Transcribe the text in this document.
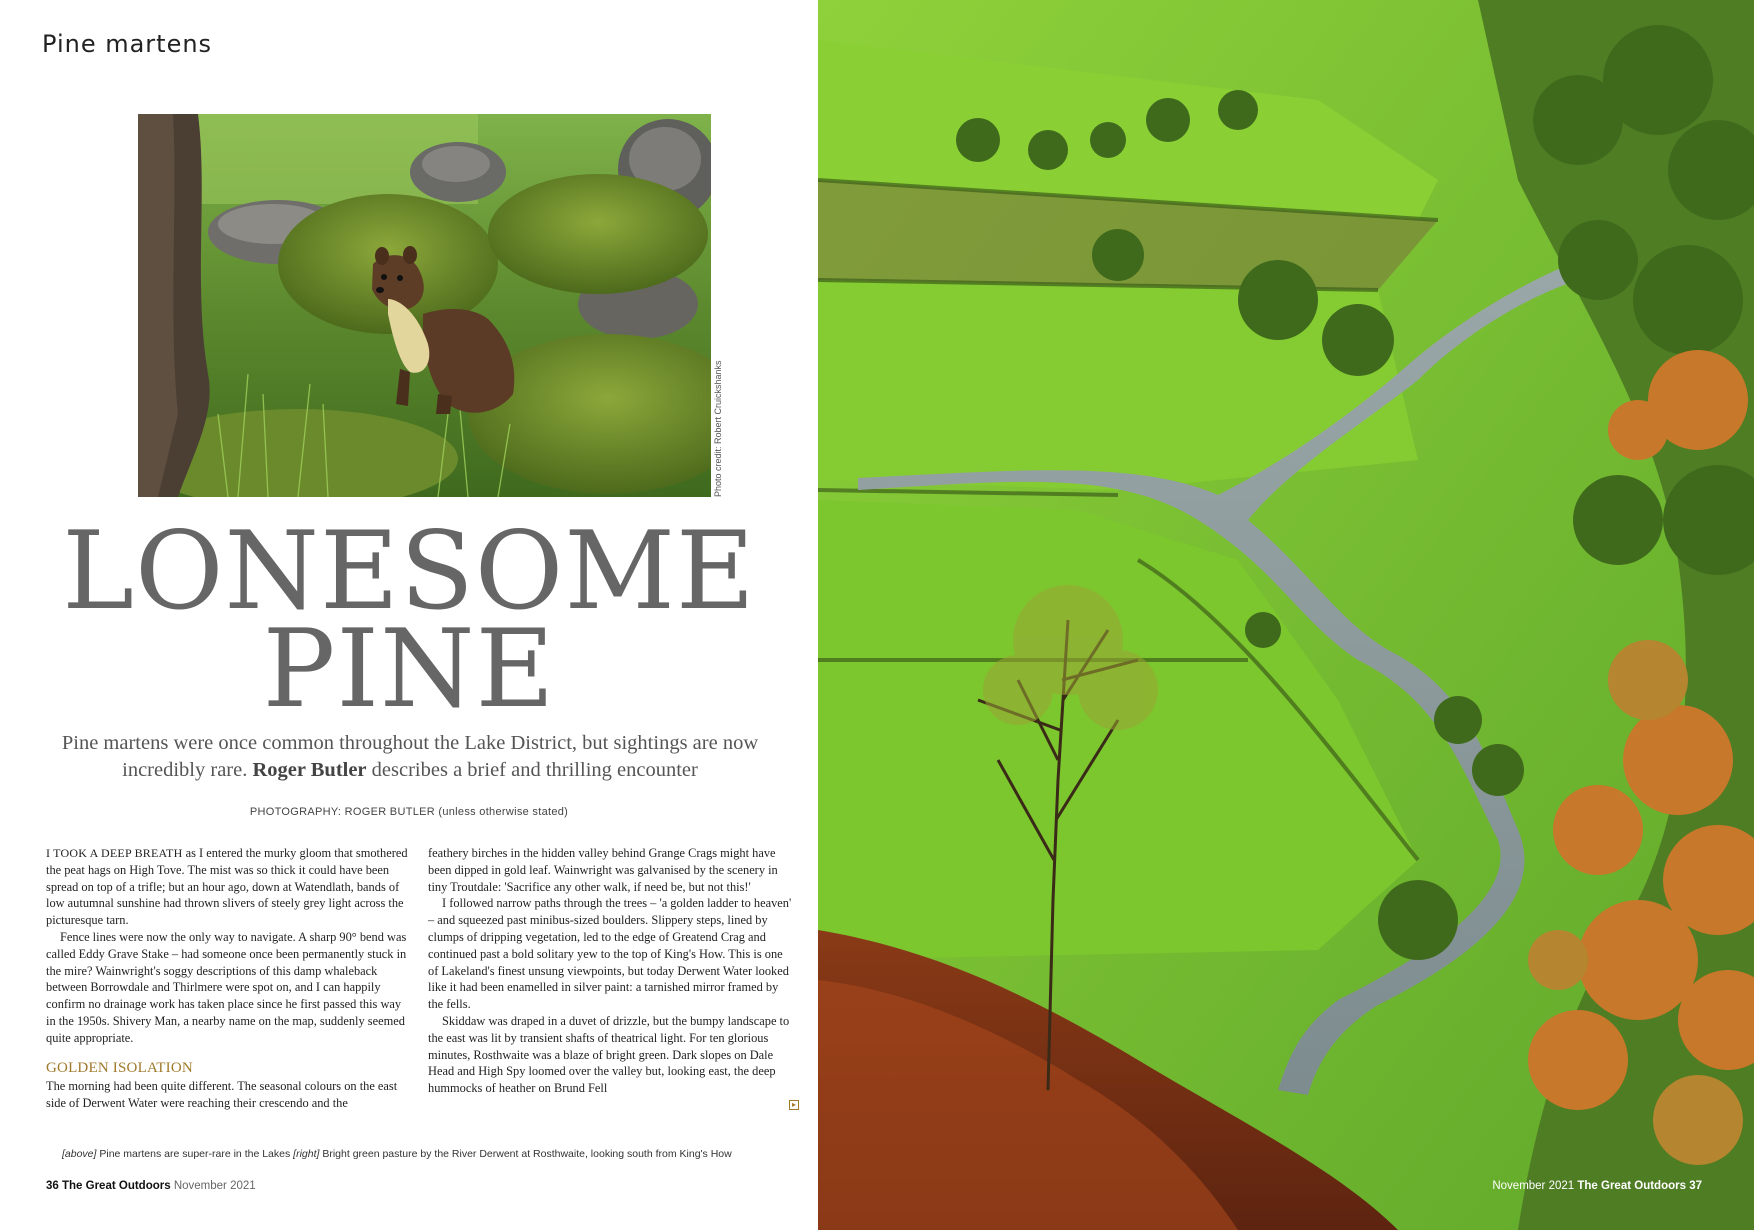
Pine martens
Photo credit: Robert Cruickshanks
LONESOME
PINE
Pine martens were once common throughout the Lake District, but sightings are now incredibly rare. Roger Butler describes a brief and thrilling encounter
PHOTOGRAPHY: ROGER BUTLER (unless otherwise stated)

I TOOK A DEEP BREATH as I entered the murky gloom that smothered the peat hags on High Tove. The mist was so thick it could have been spread on top of a trifle; but an hour ago, down at Watendlath, bands of low autumnal sunshine had thrown slivers of steely grey light across the picturesque tarn.

Fence lines were now the only way to navigate. A sharp 90° bend was called Eddy Grave Stake – had someone once been permanently stuck in the mire? Wainwright's soggy descriptions of this damp whaleback between Borrowdale and Thirlmere were spot on, and I can happily confirm no drainage work has taken place since he first passed this way in the 1950s. Shivery Man, a nearby name on the map, suddenly seemed quite appropriate.

GOLDEN ISOLATION

The morning had been quite different. The seasonal colours on the east side of Derwent Water were reaching their crescendo and the

feathery birches in the hidden valley behind Grange Crags might have been dipped in gold leaf. Wainwright was galvanised by the scenery in tiny Troutdale: 'Sacrifice any other walk, if need be, but not this!'

I followed narrow paths through the trees – 'a golden ladder to heaven' – and squeezed past minibus-sized boulders. Slippery steps, lined by clumps of dripping vegetation, led to the edge of Greatend Crag and continued past a bold solitary yew to the top of King's How. This is one of Lakeland's finest unsung viewpoints, but today Derwent Water looked like it had been enamelled in silver paint: a tarnished mirror framed by the fells.

Skiddaw was draped in a duvet of drizzle, but the bumpy landscape to the east was lit by transient shafts of theatrical light. For ten glorious minutes, Rosthwaite was a blaze of bright green. Dark slopes on Dale Head and High Spy loomed over the valley but, looking east, the deep hummocks of heather on Brund Fell

▸
[above] Pine martens are super-rare in the Lakes [right] Bright green pasture by the River Derwent at Rosthwaite, looking south from King's How
36 The Great Outdoors November 2021	November 2021 The Great Outdoors 37
